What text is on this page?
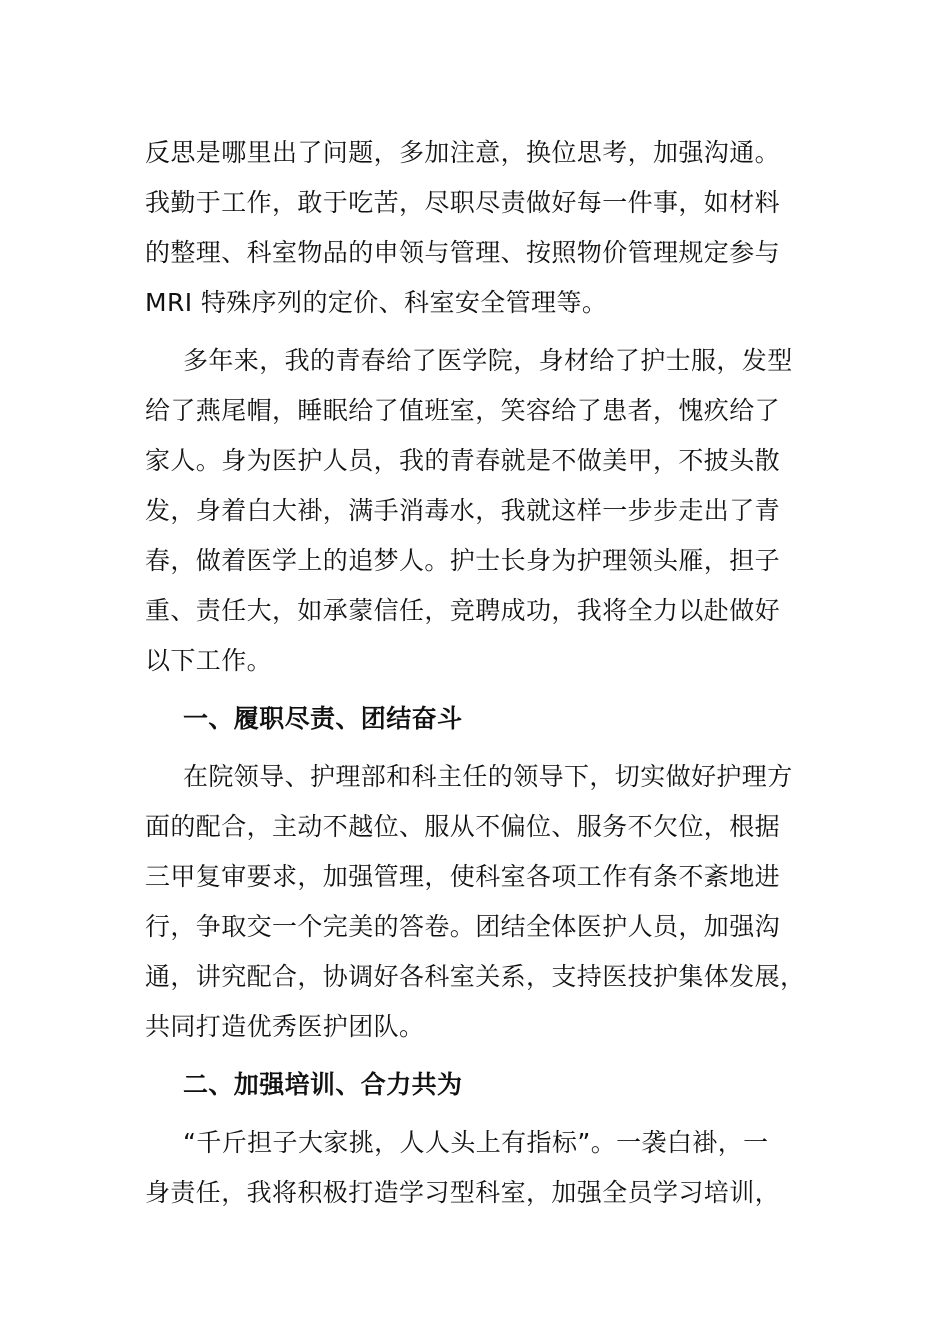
反思是哪里出了问题，多加注意，换位思考，加强沟通。
我勤于工作，敢于吃苦，尽职尽责做好每一件事，如材料
的整理、科室物品的申领与管理、按照物价管理规定参与
MRI 特殊序列的定价、科室安全管理等。
多年来，我的青春给了医学院，身材给了护士服，发型
给了燕尾帽，睡眠给了值班室，笑容给了患者，愧疚给了
家人。身为医护人员，我的青春就是不做美甲，不披头散
发，身着白大褂，满手消毒水，我就这样一步步走出了青
春，做着医学上的追梦人。护士长身为护理领头雁，担子
重、责任大，如承蒙信任，竞聘成功，我将全力以赴做好
以下工作。
一、履职尽责、团结奋斗
在院领导、护理部和科主任的领导下，切实做好护理方
面的配合，主动不越位、服从不偏位、服务不欠位，根据
三甲复审要求，加强管理，使科室各项工作有条不紊地进
行，争取交一个完美的答卷。团结全体医护人员，加强沟
通，讲究配合，协调好各科室关系，支持医技护集体发展，
共同打造优秀医护团队。
二、加强培训、合力共为
“千斤担子大家挑，人人头上有指标”。一袭白褂，一
身责任，我将积极打造学习型科室，加强全员学习培训，
